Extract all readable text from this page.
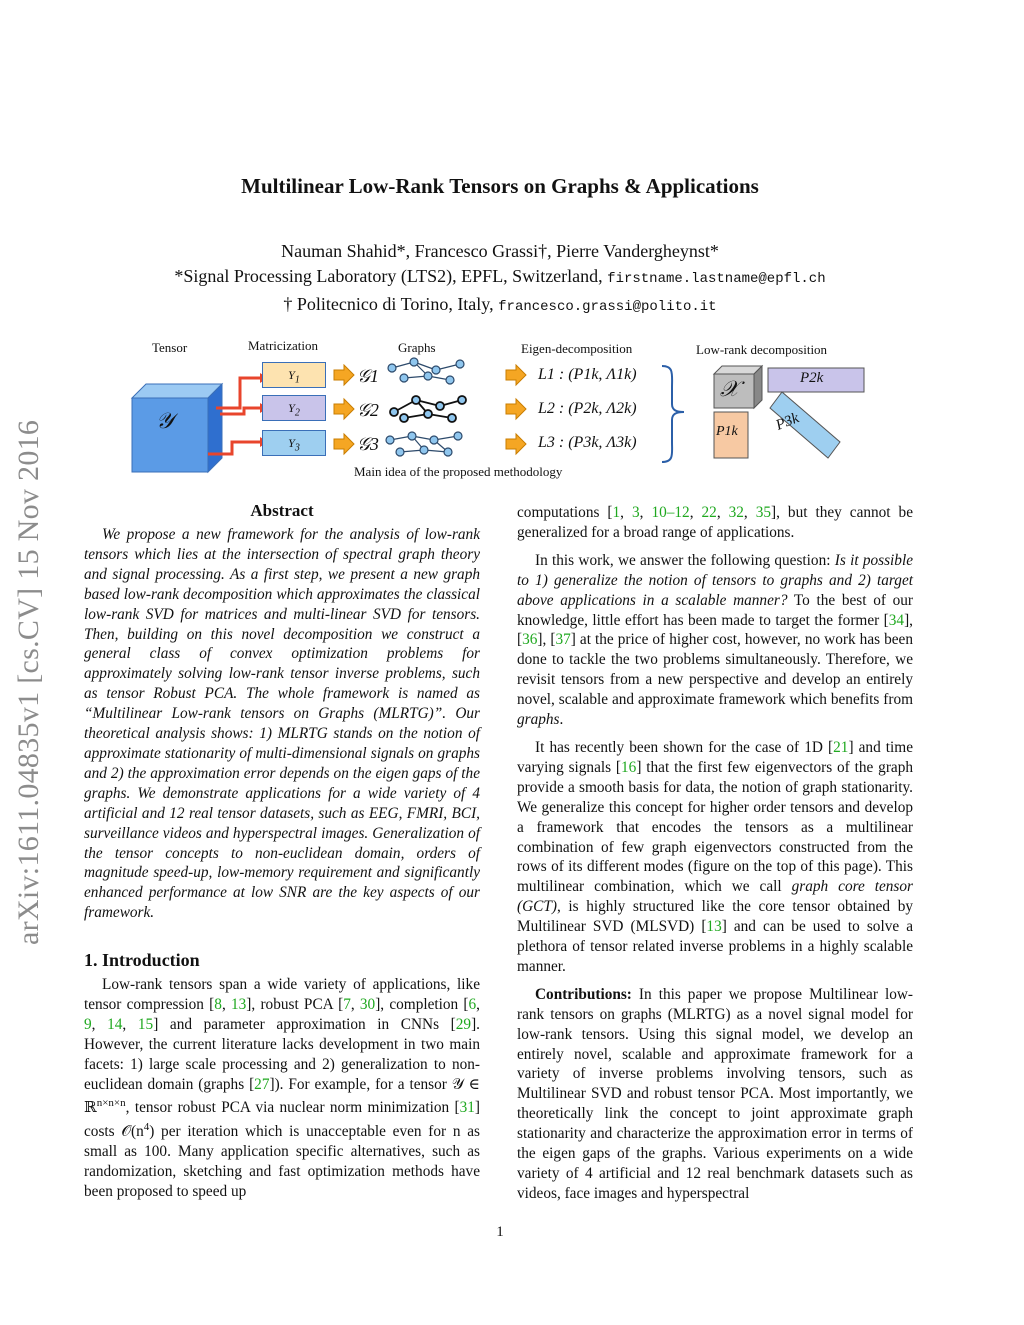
arXiv:1611.04835v1 [cs.CV] 15 Nov 2016
Multilinear Low-Rank Tensors on Graphs & Applications
Nauman Shahid*, Francesco Grassi†, Pierre Vandergheynst*
*Signal Processing Laboratory (LTS2), EPFL, Switzerland, firstname.lastname@epfl.ch
† Politecnico di Torino, Italy, francesco.grassi@polito.it
Tensor	Matricization	Graphs	Eigen-decomposition	Low-rank decomposition
𝒴
$Y_1$
$Y_2$
$Y_3$
𝒢1
𝒢2
𝒢3
L1 : (P1k, Λ1k)
L2 : (P2k, Λ2k)
L3 : (P3k, Λ3k)
𝒳	P2k
P1k P3k
Main idea of the proposed methodology
Abstract

We propose a new framework for the analysis of low-rank tensors which lies at the intersection of spectral graph theory and signal processing. As a first step, we present a new graph based low-rank decomposition which approximates the classical low-rank SVD for matrices and multi-linear SVD for tensors. Then, building on this novel decomposition we construct a general class of convex optimization problems for approximately solving low-rank tensor inverse problems, such as tensor Robust PCA. The whole framework is named as “Multilinear Low-rank tensors on Graphs (MLRTG)”. Our theoretical analysis shows: 1) MLRTG stands on the notion of approximate stationarity of multi-dimensional signals on graphs and 2) the approximation error depends on the eigen gaps of the graphs. We demonstrate applications for a wide variety of 4 artificial and 12 real tensor datasets, such as EEG, FMRI, BCI, surveillance videos and hyperspectral images. Generalization of the tensor concepts to non-euclidean domain, orders of magnitude speed-up, low-memory requirement and significantly enhanced performance at low SNR are the key aspects of our framework.

1. Introduction

Low-rank tensors span a wide variety of applications, like tensor compression [8, 13], robust PCA [7, 30], completion [6, 9, 14, 15] and parameter approximation in CNNs [29]. However, the current literature lacks development in two main facets: 1) large scale processing and 2) generalization to non-euclidean domain (graphs [27]). For example, for a tensor 𝒴 ∈ ℝ$^{n\times n\times n}$, tensor robust PCA via nuclear norm minimization [31] costs $𝒪(n^4)$ per iteration which is unacceptable even for n as small as 100. Many application specific alternatives, such as randomization, sketching and fast optimization methods have been proposed to speed up

computations [1, 3, 10–12, 22, 32, 35], but they cannot be generalized for a broad range of applications.

In this work, we answer the following question: Is it possible to 1) generalize the notion of tensors to graphs and 2) target above applications in a scalable manner? To the best of our knowledge, little effort has been made to target the former [34], [36], [37] at the price of higher cost, however, no work has been done to tackle the two problems simultaneously. Therefore, we revisit tensors from a new perspective and develop an entirely novel, scalable and approximate framework which benefits from graphs.

It has recently been shown for the case of 1D [21] and time varying signals [16] that the first few eigenvectors of the graph provide a smooth basis for data, the notion of graph stationarity. We generalize this concept for higher order tensors and develop a framework that encodes the tensors as a multilinear combination of few graph eigenvectors constructed from the rows of its different modes (figure on the top of this page). This multilinear combination, which we call graph core tensor (GCT), is highly structured like the core tensor obtained by Multilinear SVD (MLSVD) [13] and can be used to solve a plethora of tensor related inverse problems in a highly scalable manner.

Contributions: In this paper we propose Multilinear low-rank tensors on graphs (MLRTG) as a novel signal model for low-rank tensors. Using this signal model, we develop an entirely novel, scalable and approximate framework for a variety of inverse problems involving tensors, such as Multilinear SVD and robust tensor PCA. Most importantly, we theoretically link the concept to joint approximate graph stationarity and characterize the approximation error in terms of the eigen gaps of the graphs. Various experiments on a wide variety of 4 artificial and 12 real benchmark datasets such as videos, face images and hyperspectral

1
